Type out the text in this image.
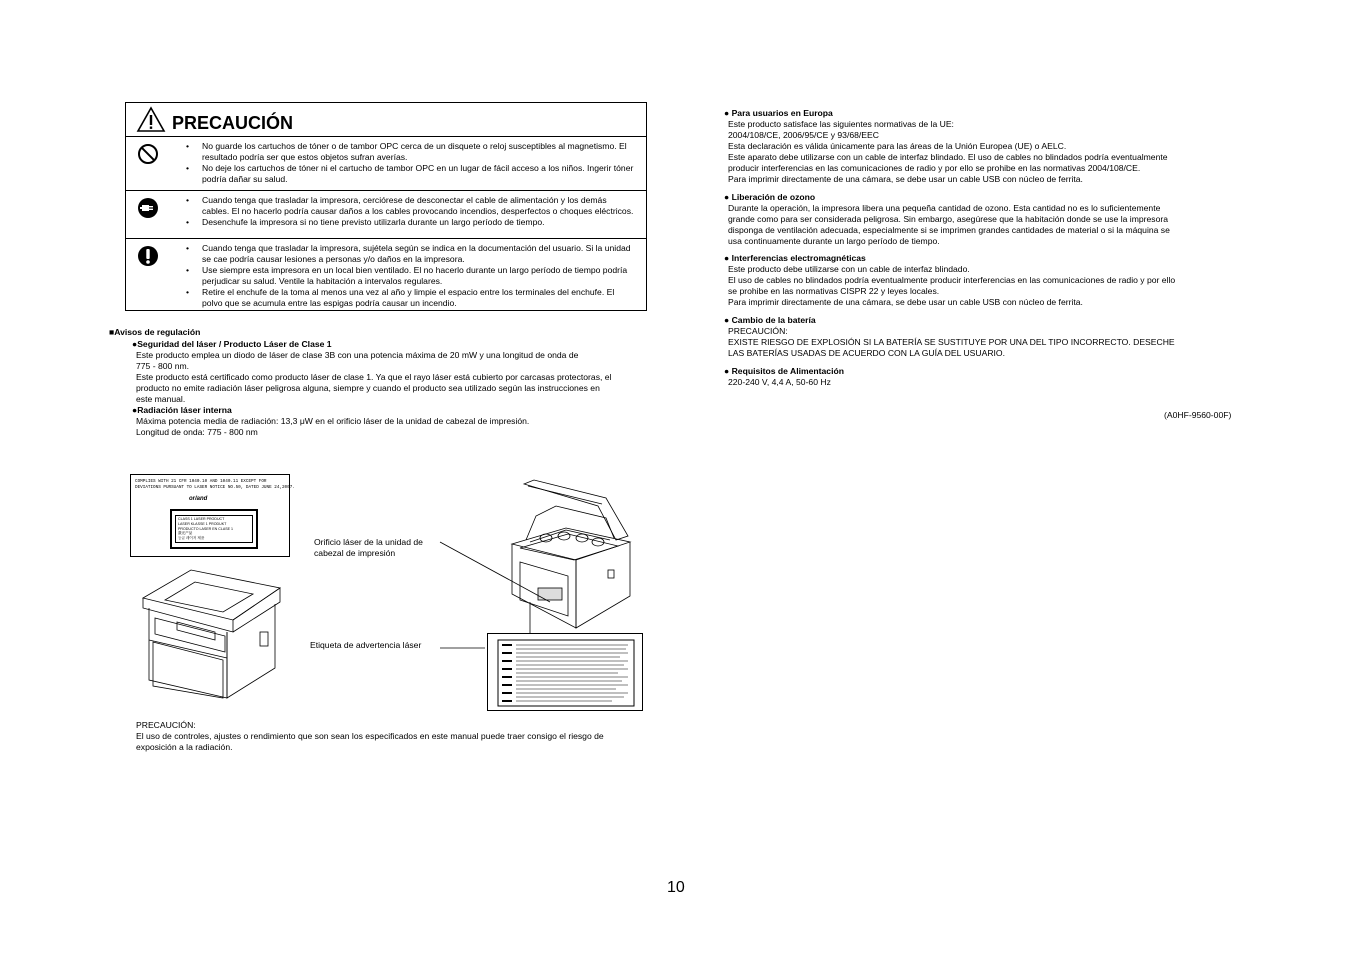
PRECAUCIÓN
• No guarde los cartuchos de tóner o de tambor OPC cerca de un disquete o reloj susceptibles al magnetismo. El resultado podría ser que estos objetos sufran averías.
• No deje los cartuchos de tóner ni el cartucho de tambor OPC en un lugar de fácil acceso a los niños. Ingerir tóner podría dañar su salud.
• Cuando tenga que trasladar la impresora, cerciórese de desconectar el cable de alimentación y los demás cables. El no hacerlo podría causar daños a los cables provocando incendios, desperfectos o choques eléctricos.
• Desenchufe la impresora si no tiene previsto utilizarla durante un largo período de tiempo.
• Cuando tenga que trasladar la impresora, sujétela según se indica en la documentación del usuario. Si la unidad se cae podría causar lesiones a personas y/o daños en la impresora.
• Use siempre esta impresora en un local bien ventilado. El no hacerlo durante un largo período de tiempo podría perjudicar su salud. Ventile la habitación a intervalos regulares.
• Retire el enchufe de la toma al menos una vez al año y limpie el espacio entre los terminales del enchufe. El polvo que se acumula entre las espigas podría causar un incendio.
■Avisos de regulación
●Seguridad del láser / Producto Láser de Clase 1
Este producto emplea un diodo de láser de clase 3B con una potencia máxima de 20 mW y una longitud de onda de
775 - 800 nm.
Este producto está certificado como producto láser de clase 1. Ya que el rayo láser está cubierto por carcasas protectoras, el
producto no emite radiación láser peligrosa alguna, siempre y cuando el producto sea utilizado según las instrucciones en
este manual.
●Radiación láser interna
Máxima potencia media de radiación: 13,3 μW en el orificio láser de la unidad de cabezal de impresión.
Longitud de onda: 775 - 800 nm
COMPLIES WITH 21 CFR 1040.10 AND 1040.11 EXCEPT FOR
DEVIATIONS PURSUANT TO LASER NOTICE NO.50, DATED JUNE 24,2007.
or/and
CLASS 1 LASER PRODUCT
LASER KLASSE 1 PRODUKT
PRODUCTO LASER EN CLASE 1
激光产品
등급 레이저 제품	Orificio láser de la unidad de
cabezal de impresión
Etiqueta de advertencia láser
PRECAUCIÓN:
El uso de controles, ajustes o rendimiento que son sean los especificados en este manual puede traer consigo el riesgo de
exposición a la radiación.
● Para usuarios en Europa
Este producto satisface las siguientes normativas de la UE:
2004/108/CE, 2006/95/CE y 93/68/EEC
Esta declaración es válida únicamente para las áreas de la Unión Europea (UE) o AELC.
Este aparato debe utilizarse con un cable de interfaz blindado. El uso de cables no blindados podría eventualmente
producir interferencias en las comunicaciones de radio y por ello se prohibe en las normativas 2004/108/CE.
Para imprimir directamente de una cámara, se debe usar un cable USB con núcleo de ferrita.
● Liberación de ozono
Durante la operación, la impresora libera una pequeña cantidad de ozono. Esta cantidad no es lo suficientemente
grande como para ser considerada peligrosa. Sin embargo, asegúrese que la habitación donde se use la impresora
disponga de ventilación adecuada, especialmente si se imprimen grandes cantidades de material o si la máquina se
usa continuamente durante un largo período de tiempo.
● Interferencias electromagnéticas
Este producto debe utilizarse con un cable de interfaz blindado.
El uso de cables no blindados podría eventualmente producir interferencias en las comunicaciones de radio y por ello
se prohibe en las normativas CISPR 22 y leyes locales.
Para imprimir directamente de una cámara, se debe usar un cable USB con núcleo de ferrita.
● Cambio de la batería
PRECAUCIÓN:
EXISTE RIESGO DE EXPLOSIÓN SI LA BATERÍA SE SUSTITUYE POR UNA DEL TIPO INCORRECTO. DESECHE
LAS BATERÍAS USADAS DE ACUERDO CON LA GUÍA DEL USUARIO.
● Requisitos de Alimentación
220-240 V, 4,4 A, 50-60 Hz
(A0HF-9560-00F)
10
